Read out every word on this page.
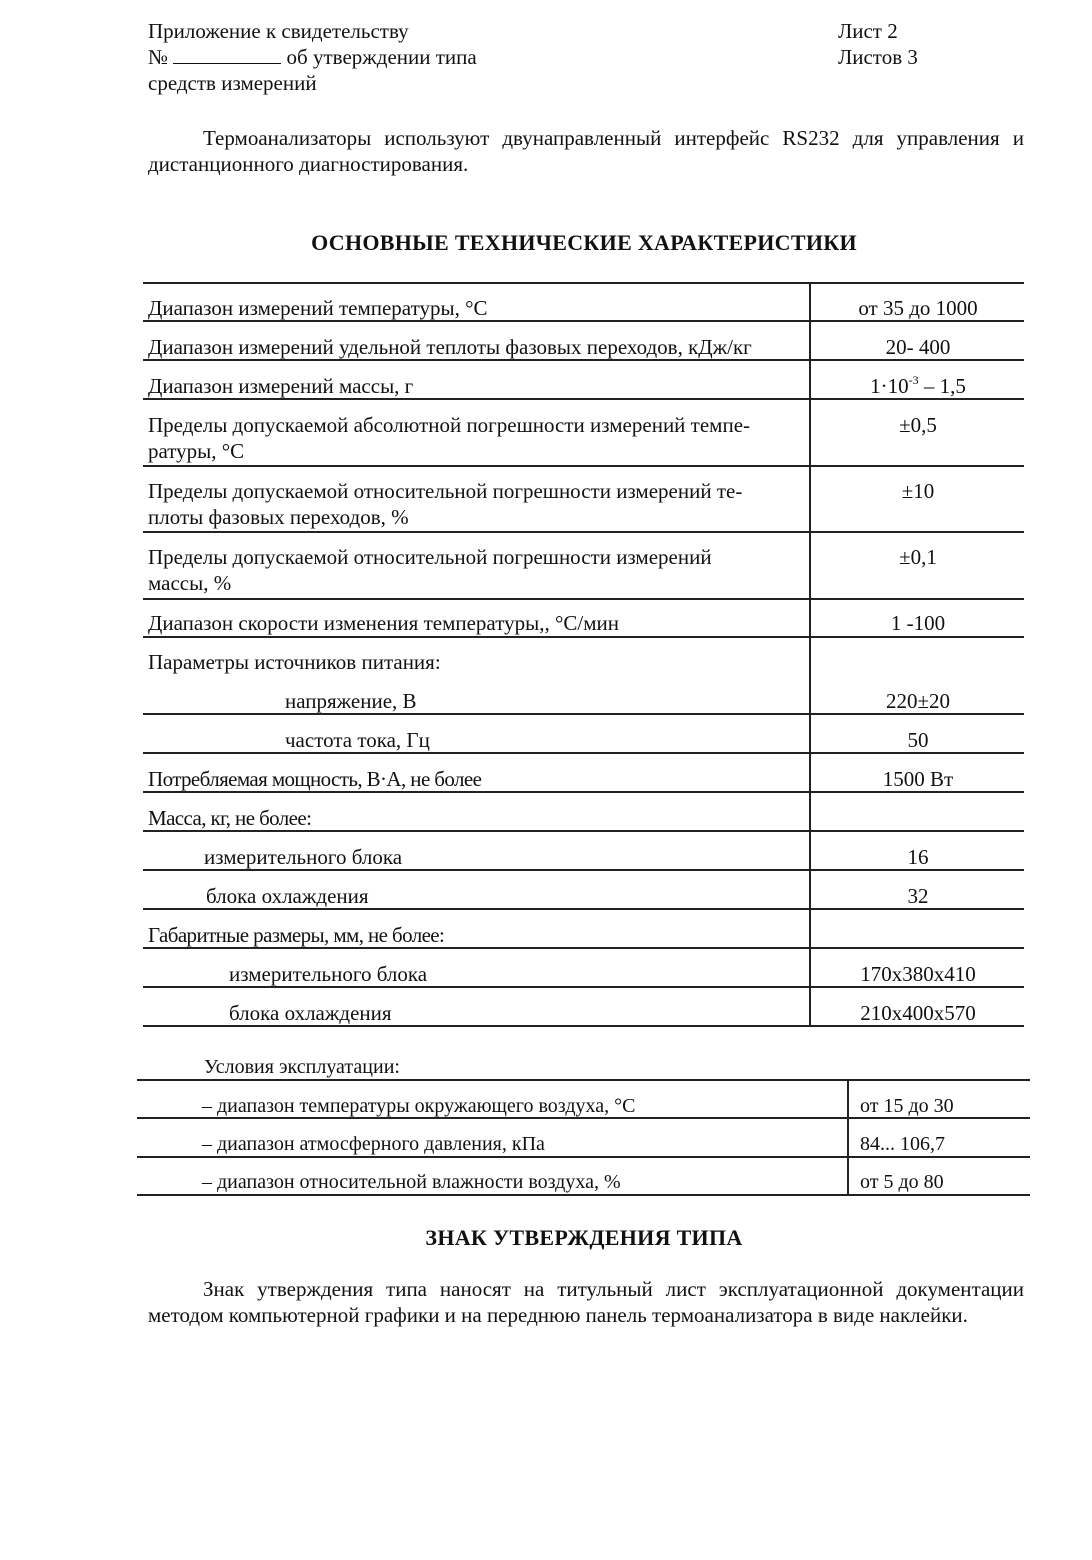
Приложение к свидетельству
№	об утверждении типа
средств измерений
Лист 2
Листов 3
Термоанализаторы используют двунаправленный интерфейс RS232 для управления и дистанционного диагностирования.
ОСНОВНЫЕ ТЕХНИЧЕСКИЕ ХАРАКТЕРИСТИКИ
Диапазон измерений температуры, °С	от 35 до 1000
Диапазон измерений удельной теплоты фазовых переходов, кДж/кг	20- 400
Диапазон измерений массы, г	$1\cdot 10^{-3} - 1,5$
Пределы допускаемой абсолютной погрешности измерений темпе-
ратуры, °С
±0,5
Пределы допускаемой относительной погрешности измерений те-
плоты фазовых переходов, %
±10
Пределы допускаемой относительной погрешности измерений
массы, %
±0,1
Диапазон скорости изменения температуры,, °С/мин	1 -100
Параметры источников питания:
напряжение, В	220±20
частота тока, Гц	50
Потребляемая мощность, В·А, не более	1500 Вт
Масса, кг, не более:
измерительного блока	16
блока охлаждения	32
Габаритные размеры, мм, не более:
измерительного блока	170x380x410
блока охлаждения	210x400x570
Условия эксплуатации:
– диапазон температуры окружающего воздуха, °С	от 15 до 30
– диапазон атмосферного давления, кПа	84... 106,7
– диапазон относительной влажности воздуха, %	от 5 до 80
ЗНАК УТВЕРЖДЕНИЯ ТИПА
Знак утверждения типа наносят на титульный лист эксплуатационной документации методом компьютерной графики и на переднюю панель термоанализатора в виде наклейки.
